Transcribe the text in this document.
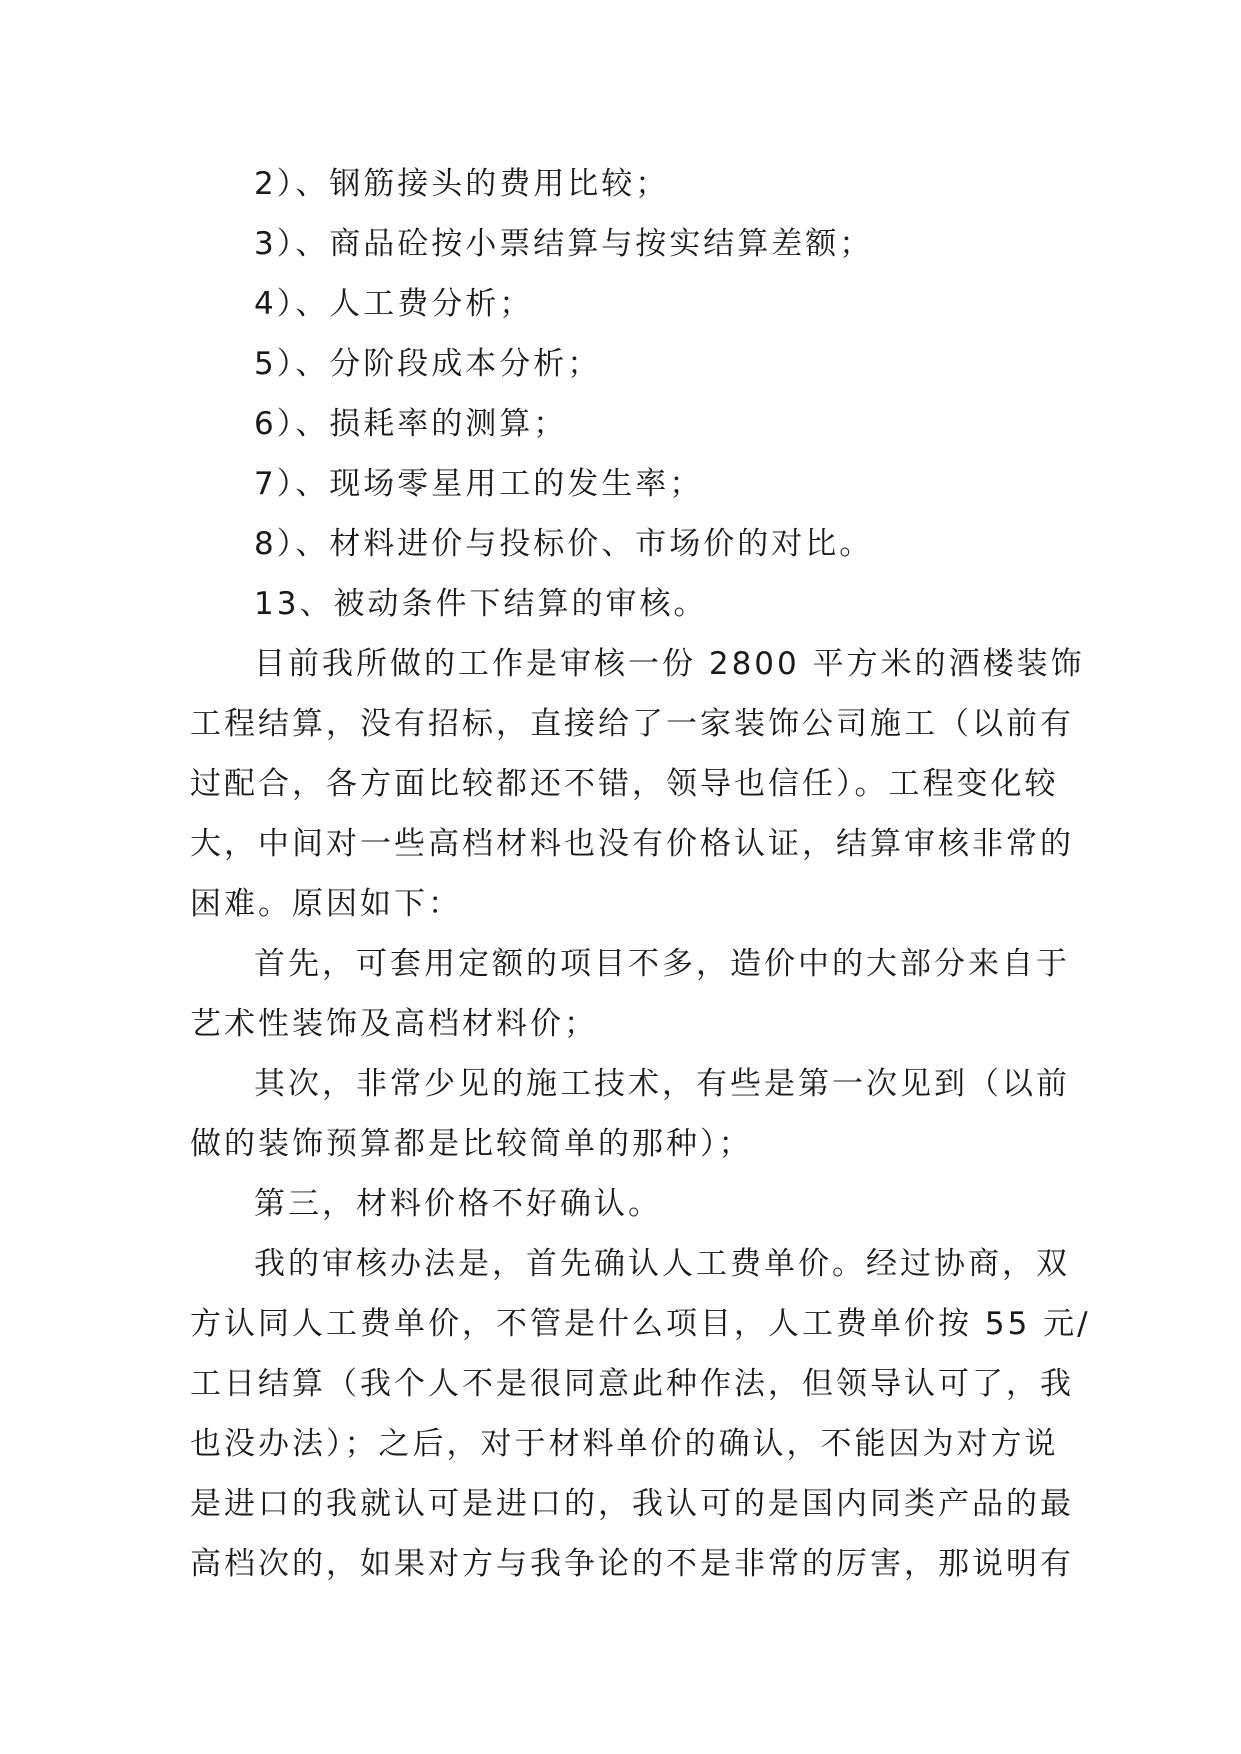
2）、钢筋接头的费用比较；
3）、商品砼按小票结算与按实结算差额；
4）、人工费分析；
5）、分阶段成本分析；
6）、损耗率的测算；
7）、现场零星用工的发生率；
8）、材料进价与投标价、市场价的对比。
13、被动条件下结算的审核。
目前我所做的工作是审核一份 2800 平方米的酒楼装饰
工程结算，没有招标，直接给了一家装饰公司施工（以前有
过配合，各方面比较都还不错，领导也信任）。工程变化较
大，中间对一些高档材料也没有价格认证，结算审核非常的
困难。原因如下：
首先，可套用定额的项目不多，造价中的大部分来自于
艺术性装饰及高档材料价；
其次，非常少见的施工技术，有些是第一次见到（以前
做的装饰预算都是比较简单的那种）；
第三，材料价格不好确认。
我的审核办法是，首先确认人工费单价。经过协商，双
方认同人工费单价，不管是什么项目，人工费单价按 55 元/
工日结算（我个人不是很同意此种作法，但领导认可了，我
也没办法）；之后，对于材料单价的确认，不能因为对方说
是进口的我就认可是进口的，我认可的是国内同类产品的最
高档次的，如果对方与我争论的不是非常的厉害，那说明有
